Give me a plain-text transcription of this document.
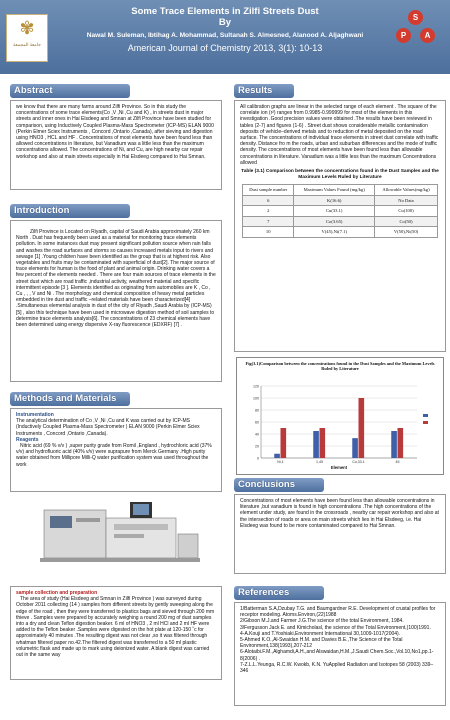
✾
جامعة المجمعة
Some Trace Elements in Zilfi Streets Dust
By
Nawal M. Suleman, Ibtihag A. Mohammad, Sultanah S. Almesned, Alanood A. Aljaghwani
American Journal of Chemistry 2013, 3(1): 10-13
S
P	A
Abstract
we know that there are many farms around Zilfi Province. So in this study the concentrations of some trace elements(Co ,V ,Ni ,Cu and K) , in streets dust in major streets and inner ones in Hai Elsdeeg and Smnan at Zilfi Province have been studied for comparison, using Inductively Coupled Plasma-Mass Spectrometer (ICP-MS) ELAN 9000 (Perkin Elmer Sciex Instruments , Concord ,Ontario ,Canada), after sieving and digestion using HNO3 , HCL and HF . Concentrations of most elements have been found less than allowed concentrations in literature, but Vanadium was a little less than the maximum concentrations allowed. The concentrations of Ni, and Cu, are high nearby car repair workshop and also at main streets especially in Hai Elsdeeg compared to Hai Smnan.
Introduction
Zilfi Province is Located on Riyadh, capital of Saudi Arabia approximately 260 km North . Dust has frequently been used as a material for monitoring trace elements pollution. In some instances dust may present significant pollution source when rain falls and washes the road surfaces and storms so causes increased metals input to rivers and sewage [1] .Young children have been identified as the group that is at highest risk. Also vegetables and fruits may be contaminated with superficial of dust[2]. The major source of trace elements for human is the food of plant and animal origin. Drinking water covers a few percent of the elements needed . There are four main sources of trace elements in the street dust which are road traffic ,industrial activity, weathered material and specific intermittent episode [3 ]. Elements identified as originating from automobiles are K , Co , Cu , , , V and Ni . The morphology and chemical composition of heavy metal particles embedded in tire dust and traffic –related materials have been characterized[4] .Simultaneous elemental analysis in dust of the city of Riyadh ,Saudi Arabia by (ICP-MS)[5] , also this technique have been used in microwave digestion method of soil samples to determine trace elements analysis[6]. The concentrations of 23 chemical elements have been determined using energy dispersive X-ray fluorescence (EDXRF) [7] .
Methods and Materials
Instrumentation
The analytical determination of Co ,V ,Ni ,Cu and K was carried out by ICP-MS (Inductively Coupled Plasma-Mass Spectrometer ) ELAN 9000 (Perkin Elmer Sciex Instruments , Concord ,Ontario ,Canada).
Reagents
Nitric acid (69 % v/v ) ,super purity grade from Romil ,England , hydrochloric acid (37% v/v) and hydrofluoric acid (40% v/v) were suprapure from Merck Germany .High purity water obtained from Millipore Milli-Q water purification system was used throughout the work
sample collection and preparation
The area of study (Hai Elsdeeg and Smnan in Zilfi Province ) was surveyed during October 2011 collecting (14 ) samples from different streets by gently sweeping along the edge of the road , then they were transferred to plastics bags and sieved through 200 mm thieve . Samples were prepared by accurately weighing a round 200 mg of dust samples into a dry and clean Teflon digestion beaker. 6 ml of HNO3 , 2 ml HCl and 2 ml HF were added to the Teflon beaker .Samples were digested on the hot plate at 120-150 ˚c for approximately 40 minutes .The resulting digest was not clear ,so it was filtered through whatman filtered paper no.42.The filtered digest was transferred to a 50 ml plastic volumetric flask and made up to mark using deionized water. A blank digest was carried out in the same way
Results
All calibration graphs are linear in the selected range of each element . The square of the correlate ion (r²) ranges from 0.9985-0.999999 for most of the elements in this investigation .Good precision values were obtained .The results have been reviewed in tables (2-7) and figures (1-6) . Street dust shows considerable metallic contamination deposits of vehicle–derived metals and to reduction of metal deposited on the road surface. The concentrations of individual trace elements in street dust correlate with traffic density. Distance fro m the roads, urban and suburban differences and the mode of traffic density. The concentrations of most elements have been found less than allowable concentrations in literature. Vanadium was a little less than the maximum Concentrations allowed
Table (3.1) Comparison between the concentrations found in the Dust Samples and the Maximum Levels Ruled by Literature
Dust sample number	Maximum Values Found (mg/kg)	Allowable Values(mg/kg)
6	K(16.6)	No Data
2	Cu(33.1)	Cu(100)
7	Co(3.65)	Co(50)
10	V(45),Ni(7.1)	V(50),Ni(50)
Fig(3.1)Comparison between the concentrations found in the Dust Samples and the Maximum Levels Ruled by Literature
0
20
40
60
80
100
120
Ni,1	1,45	Cu,33.1	45
Element
Conclusions
Concentrations of most elements have been found less than allowable concentrations in literature ,but vanadium is found in high concentrations .The high concentrations of the element under study, are found in the crossroads , nearby car repair workshop and also at the intersection of roads or area on main streets which lies in Hai Elsdeeg, i.e. Hai Elsdeeg was found to be more contaminated compared to Hai Smnan.
References
1/Batterman S.A,Dzubay T.G. and Baumgardner R.E. Development of crustal profiles for receptor modeling. Atoms.Environ,(22)1988
2/Gibson M.J.and Farmer J.G.The science of the total Environment, 1984.
3/Fergusson Jack E. and Kimicholasl, the science of the Total Environment,(100)1991.
4-A.Kouji and T.Yoshiaki,Environment International 30,1009-1017(2004).
5-Ahmed K.O.,Al-Swaidan H.M. and Davies B.E.,The Science of the Total Environment,138(1993),207-212
6-Alotaibi.F.M.,Alghamdi,A.H.,and Alswaidan,H.M.,J.Saudi Chem.Soc.,Vol.10,No1,pp.1-8(2006) .
7-Z.L.L.Yeunga, R.C.W. Kwokb, K.N. YuApplied Radiation and Isotopes 58 (2003) 339–346
